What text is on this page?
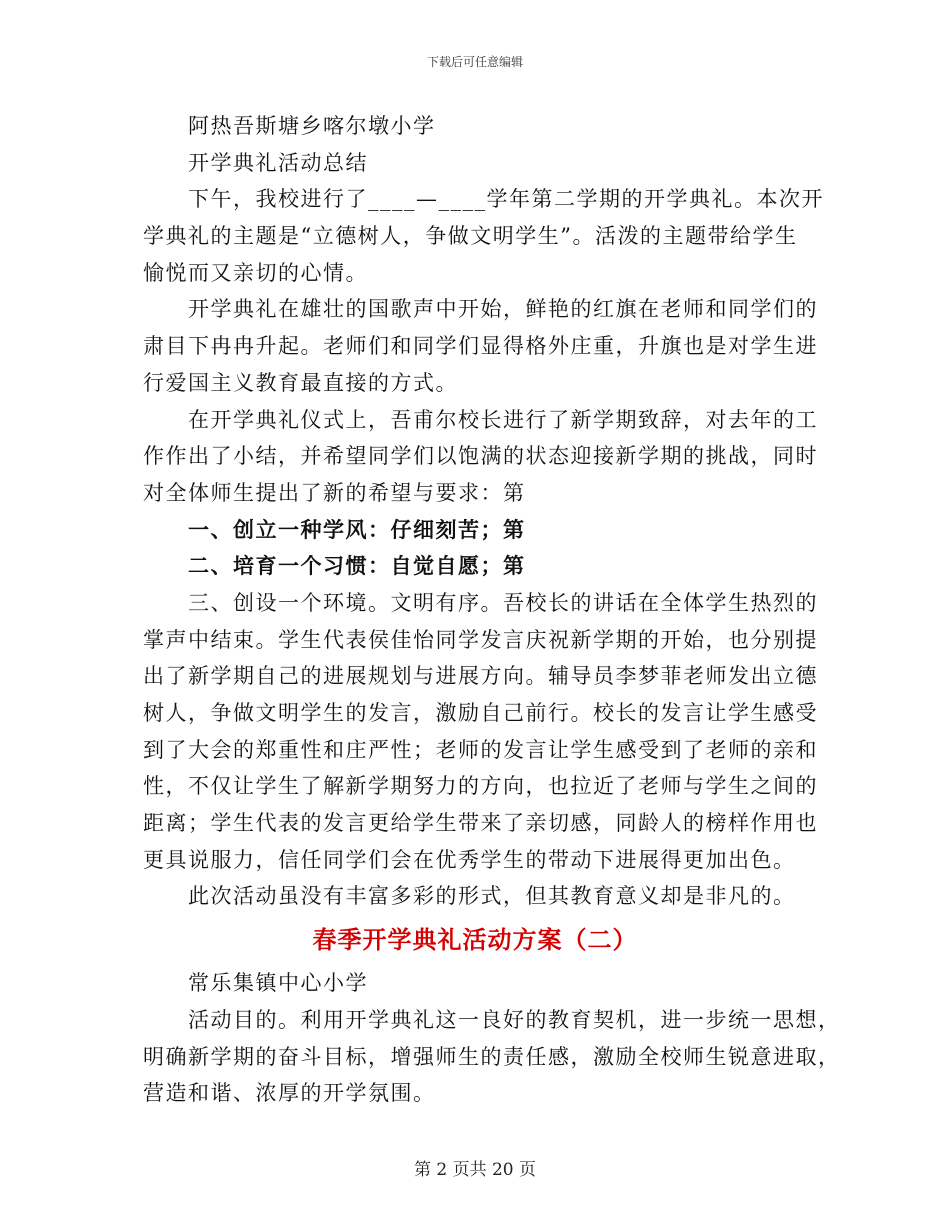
下载后可任意编辑
阿热吾斯塘乡喀尔墩小学
开学典礼活动总结
下午，我校进行了____—____学年第二学期的开学典礼。本次开
学典礼的主题是“立德树人，争做文明学生”。活泼的主题带给学生
愉悦而又亲切的心情。
开学典礼在雄壮的国歌声中开始，鲜艳的红旗在老师和同学们的
肃目下冉冉升起。老师们和同学们显得格外庄重，升旗也是对学生进
行爱国主义教育最直接的方式。
在开学典礼仪式上，吾甫尔校长进行了新学期致辞，对去年的工
作作出了小结，并希望同学们以饱满的状态迎接新学期的挑战，同时
对全体师生提出了新的希望与要求：第
一、创立一种学风：仔细刻苦；第
二、培育一个习惯：自觉自愿；第
三、创设一个环境。文明有序。吾校长的讲话在全体学生热烈的
掌声中结束。学生代表侯佳怡同学发言庆祝新学期的开始，也分别提
出了新学期自己的进展规划与进展方向。辅导员李梦菲老师发出立德
树人，争做文明学生的发言，激励自己前行。校长的发言让学生感受
到了大会的郑重性和庄严性；老师的发言让学生感受到了老师的亲和
性，不仅让学生了解新学期努力的方向，也拉近了老师与学生之间的
距离；学生代表的发言更给学生带来了亲切感，同龄人的榜样作用也
更具说服力，信任同学们会在优秀学生的带动下进展得更加出色。
此次活动虽没有丰富多彩的形式，但其教育意义却是非凡的。
春季开学典礼活动方案（二）
常乐集镇中心小学
活动目的。利用开学典礼这一良好的教育契机，进一步统一思想，
明确新学期的奋斗目标，增强师生的责任感，激励全校师生锐意进取，
营造和谐、浓厚的开学氛围。
第 2 页共 20 页
